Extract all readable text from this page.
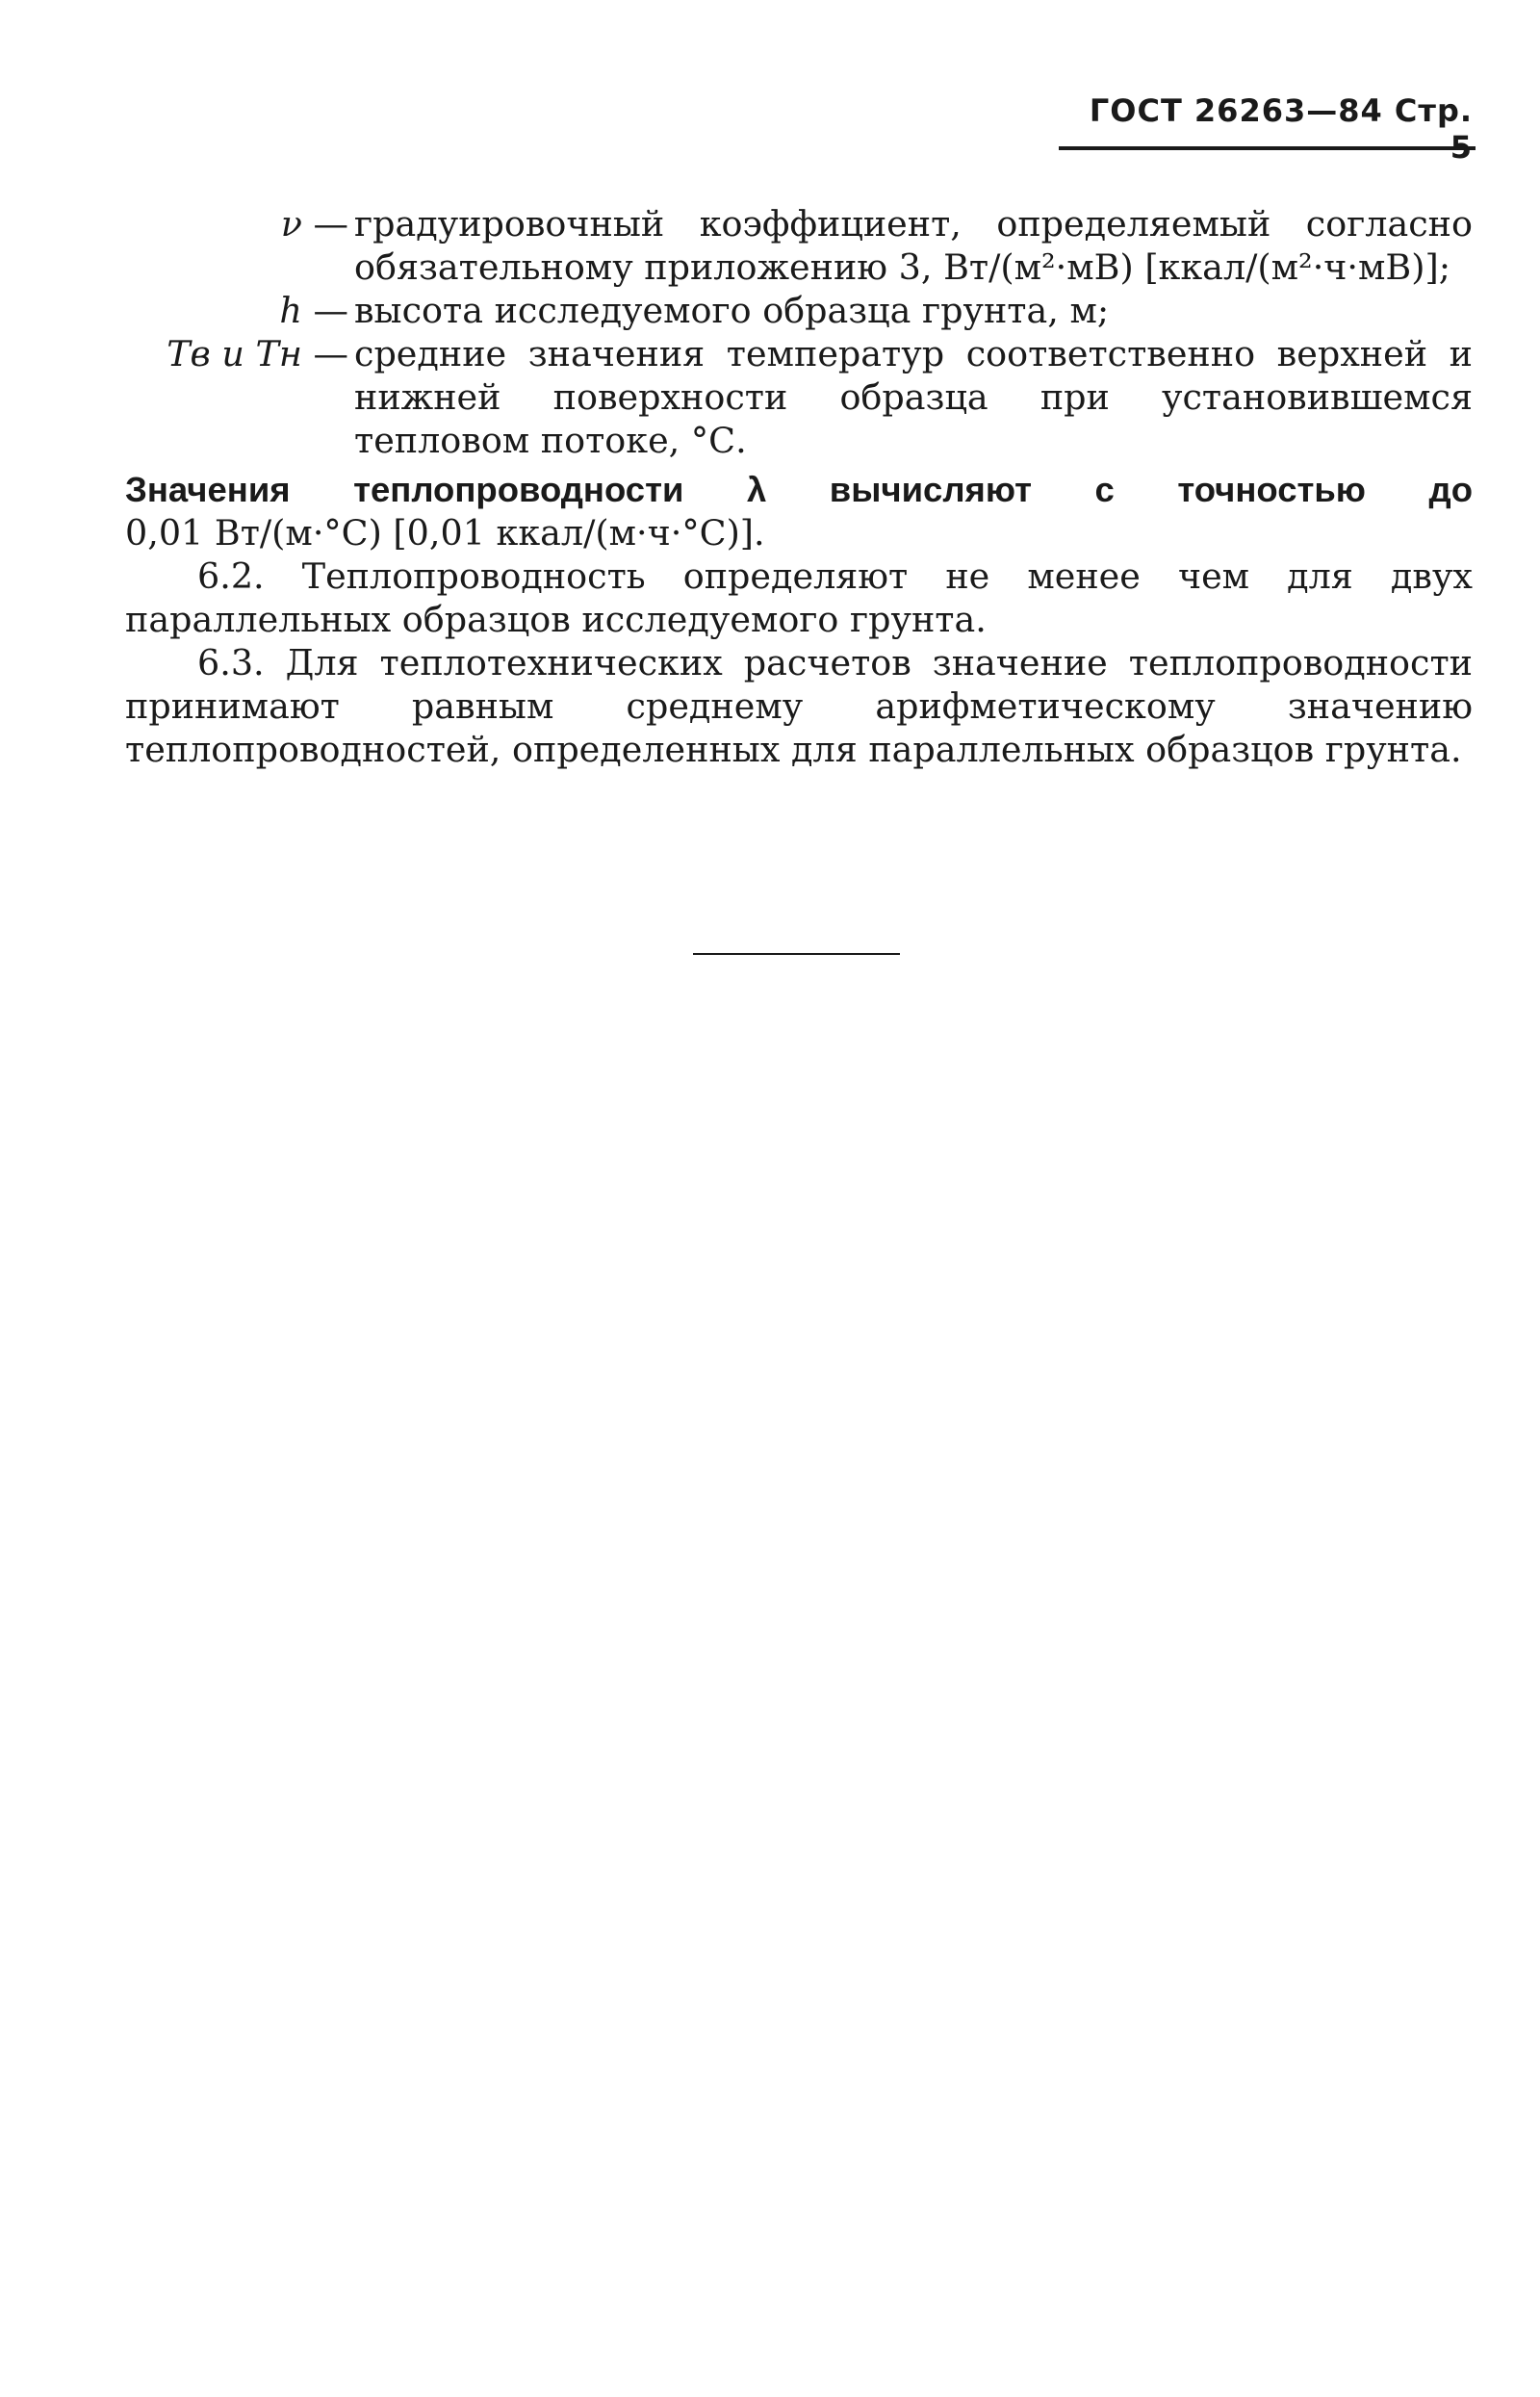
ГОСТ 26263—84 Стр.
ν — градуировочный коэффициент, определяемый согласно обязательному приложению 3, Вт/(м²·мВ) [ккал/(м²·ч·мВ)];
h — высота исследуемого образца грунта, м;
Tв и Tн — средние значения температур соответственно верхней и нижней поверхности образца при установившемся тепловом потоке, °С.
Значения теплопроводности λ вычисляют с точностью до
0,01 Вт/(м·°С) [0,01 ккал/(м·ч·°С)].
6.2. Теплопроводность определяют не менее чем для двух параллельных образцов исследуемого грунта.
6.3. Для теплотехнических расчетов значение теплопроводности принимают равным среднему арифметическому значению теплопроводностей, определенных для параллельных образцов грунта.
